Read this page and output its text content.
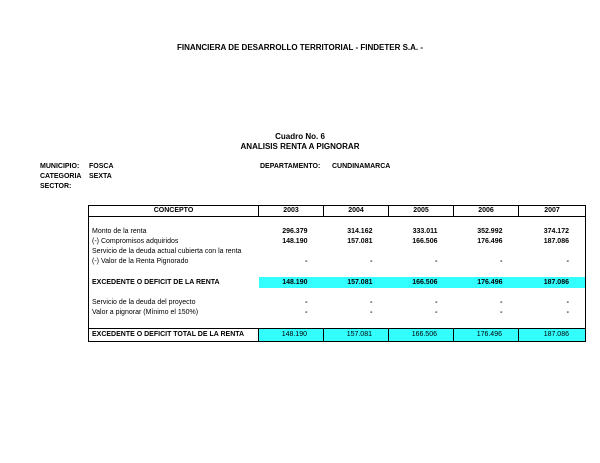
FINANCIERA DE DESARROLLO TERRITORIAL - FINDETER S.A. -
Cuadro No. 6
ANALISIS RENTA A PIGNORAR
MUNICIPIO: FOSCA	DEPARTAMENTO: CUNDINAMARCA
CATEGORIA SEXTA
SECTOR:
CONCEPTO	2003	2004	2005	2006	2007

Monto de la renta	296.379	314.162	333.011	352.992	374.172
(-) Compromisos adquiridos	148.190	157.081	166.506	176.496	187.086
Servicio de la deuda actual cubierta con la renta					
(-) Valor de la Renta Pignorado	-	-	-	-	-

EXCEDENTE O DEFICIT DE LA RENTA	148.190	157.081	166.506	176.496	187.086

Servicio de la deuda del proyecto	-	-	-	-	-
Valor a pignorar (Mínimo el 150%)	-	-	-	-	-

EXCEDENTE O DEFICIT TOTAL DE LA RENTA	148.190	157.081	166.506	176.496	187.086
